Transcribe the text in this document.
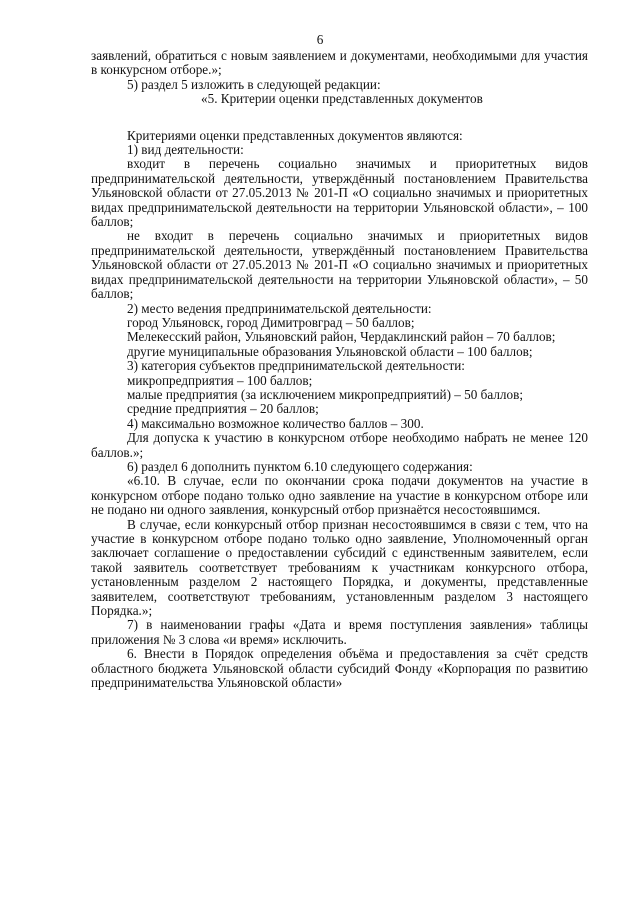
6

заявлений, обратиться с новым заявлением и документами, необходимыми для участия в конкурсном отборе.»;

5) раздел 5 изложить в следующей редакции:

«5. Критерии оценки представленных документов

Критериями оценки представленных документов являются:

1) вид деятельности:

входит в перечень социально значимых и приоритетных видов предпринимательской деятельности, утверждённый постановлением Правительства Ульяновской области от 27.05.2013 № 201-П «О социально значимых и приоритетных видах предпринимательской деятельности на территории Ульяновской области», – 100 баллов;

не входит в перечень социально значимых и приоритетных видов предпринимательской деятельности, утверждённый постановлением Правительства Ульяновской области от 27.05.2013 № 201-П «О социально значимых и приоритетных видах предпринимательской деятельности на территории Ульяновской области», – 50 баллов;

2) место ведения предпринимательской деятельности:

город Ульяновск, город Димитровград – 50 баллов;

Мелекесский район, Ульяновский район, Чердаклинский район – 70 баллов;

другие муниципальные образования Ульяновской области – 100 баллов;

3) категория субъектов предпринимательской деятельности:

микропредприятия – 100 баллов;

малые предприятия (за исключением микропредприятий) – 50 баллов;

средние предприятия – 20 баллов;

4) максимально возможное количество баллов – 300.

Для допуска к участию в конкурсном отборе необходимо набрать не менее 120 баллов.»;

6) раздел 6 дополнить пунктом 6.10 следующего содержания:

«6.10. В случае, если по окончании срока подачи документов на участие в конкурсном отборе подано только одно заявление на участие в конкурсном отборе или не подано ни одного заявления, конкурсный отбор признаётся несостоявшимся.

В случае, если конкурсный отбор признан несостоявшимся в связи с тем, что на участие в конкурсном отборе подано только одно заявление, Уполномоченный орган заключает соглашение о предоставлении субсидий с единственным заявителем, если такой заявитель соответствует требованиям к участникам конкурсного отбора, установленным разделом 2 настоящего Порядка, и документы, представленные заявителем, соответствуют требованиям, установленным разделом 3 настоящего Порядка.»;

7) в наименовании графы «Дата и время поступления заявления» таблицы приложения № 3 слова «и время» исключить.

6. Внести в Порядок определения объёма и предоставления за счёт средств областного бюджета Ульяновской области субсидий Фонду «Корпорация по развитию предпринимательства Ульяновской области»
